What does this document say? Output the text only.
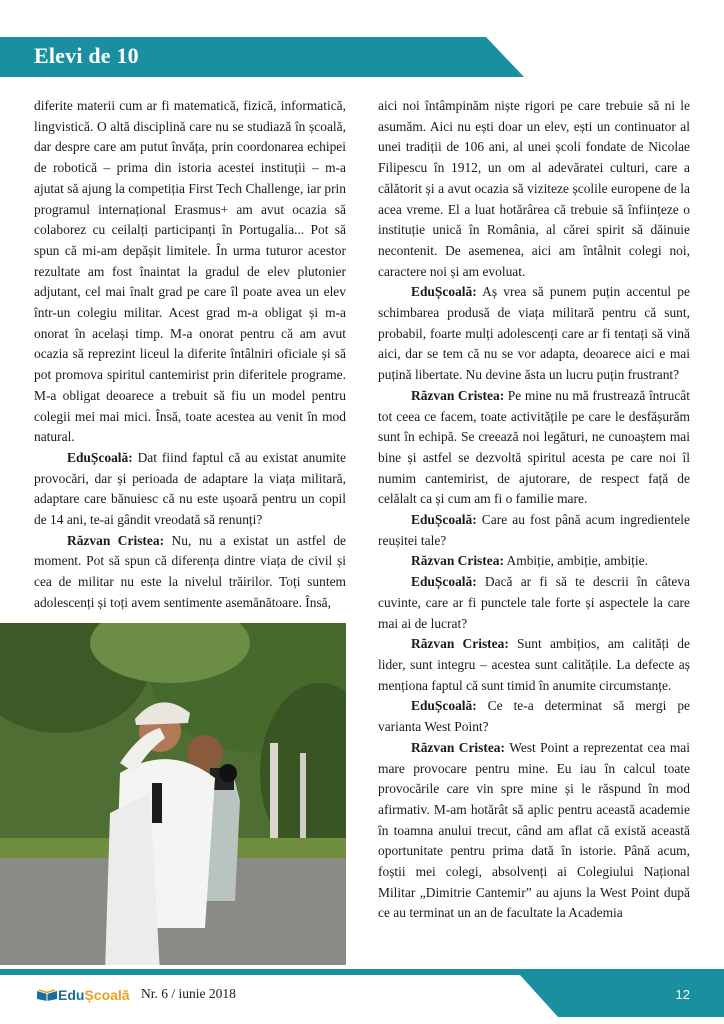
Elevi de 10

diferite materii cum ar fi matematică, fizică, informatică, lingvistică. O altă disciplină care nu se studiază în școală, dar despre care am putut învăța, prin coordonarea echipei de robotică – prima din istoria acestei instituții – m-a ajutat să ajung la competiția First Tech Challenge, iar prin programul internațional Erasmus+ am avut ocazia să colaborez cu ceilalți participanți în Portugalia... Pot să spun că mi-am depășit limitele. În urma tuturor acestor rezultate am fost înaintat la gradul de elev plutonier adjutant, cel mai înalt grad pe care îl poate avea un elev într-un colegiu militar. Acest grad m-a obligat și m-a onorat în același timp. M-a onorat pentru că am avut ocazia să reprezint liceul la diferite întâlniri oficiale și să pot promova spiritul cantemirist prin diferitele programe. M-a obligat deoarece a trebuit să fiu un model pentru colegii mei mai mici. Însă, toate acestea au venit în mod natural.

EduȘcoală: Dat fiind faptul că au existat anumite provocări, dar și perioada de adaptare la viața militară, adaptare care bănuiesc că nu este ușoară pentru un copil de 14 ani, te-ai gândit vreodată să renunți?

Răzvan Cristea: Nu, nu a existat un astfel de moment. Pot să spun că diferența dintre viața de civil și cea de militar nu este la nivelul trăirilor. Toți suntem adolescenți și toți avem sentimente asemănătoare. Însă,

aici noi întâmpinăm niște rigori pe care trebuie să ni le asumăm. Aici nu ești doar un elev, ești un continuator al unei tradiții de 106 ani, al unei școli fondate de Nicolae Filipescu în 1912, un om al adevăratei culturi, care a călătorit și a avut ocazia să viziteze școlile europene de la acea vreme. El a luat hotărârea că trebuie să înființeze o instituție unică în România, al cărei spirit să dăinuie necontenit. De asemenea, aici am întâlnit colegi noi, caractere noi și am evoluat.

EduȘcoală: Aș vrea să punem puțin accentul pe schimbarea produsă de viața militară pentru că sunt, probabil, foarte mulți adolescenți care ar fi tentați să vină aici, dar se tem că nu se vor adapta, deoarece aici e mai puțină libertate. Nu devine ăsta un lucru puțin frustrant?

Răzvan Cristea: Pe mine nu mă frustrează întrucât tot ceea ce facem, toate activitățile pe care le desfășurăm sunt în echipă. Se creează noi legături, ne cunoaștem mai bine și astfel se dezvoltă spiritul acesta pe care noi îl numim cantemirist, de ajutorare, de respect față de celălalt ca și cum am fi o familie mare.

EduȘcoală: Care au fost până acum ingredientele reușitei tale?

Răzvan Cristea: Ambiție, ambiție, ambiție.

EduȘcoală: Dacă ar fi să te descrii în câteva cuvinte, care ar fi punctele tale forte și aspectele la care mai ai de lucrat?

Răzvan Cristea: Sunt ambițios, am calități de lider, sunt integru – acestea sunt calitățile. La defecte aș menționa faptul că sunt timid în anumite circumstanțe.

EduȘcoală: Ce te-a determinat să mergi pe varianta West Point?

Răzvan Cristea: West Point a reprezentat cea mai mare provocare pentru mine. Eu iau în calcul toate provocările care vin spre mine și le răspund în mod afirmativ. M-am hotărât să aplic pentru această academie în toamna anului trecut, când am aflat că există această oportunitate pentru prima dată în istorie. Până acum, foștii mei colegi, absolvenți ai Colegiului Național Militar „Dimitrie Cantemir” au ajuns la West Point după ce au terminat un an de facultate la Academia

EduȘcoală Nr. 6 / iunie 2018	12
